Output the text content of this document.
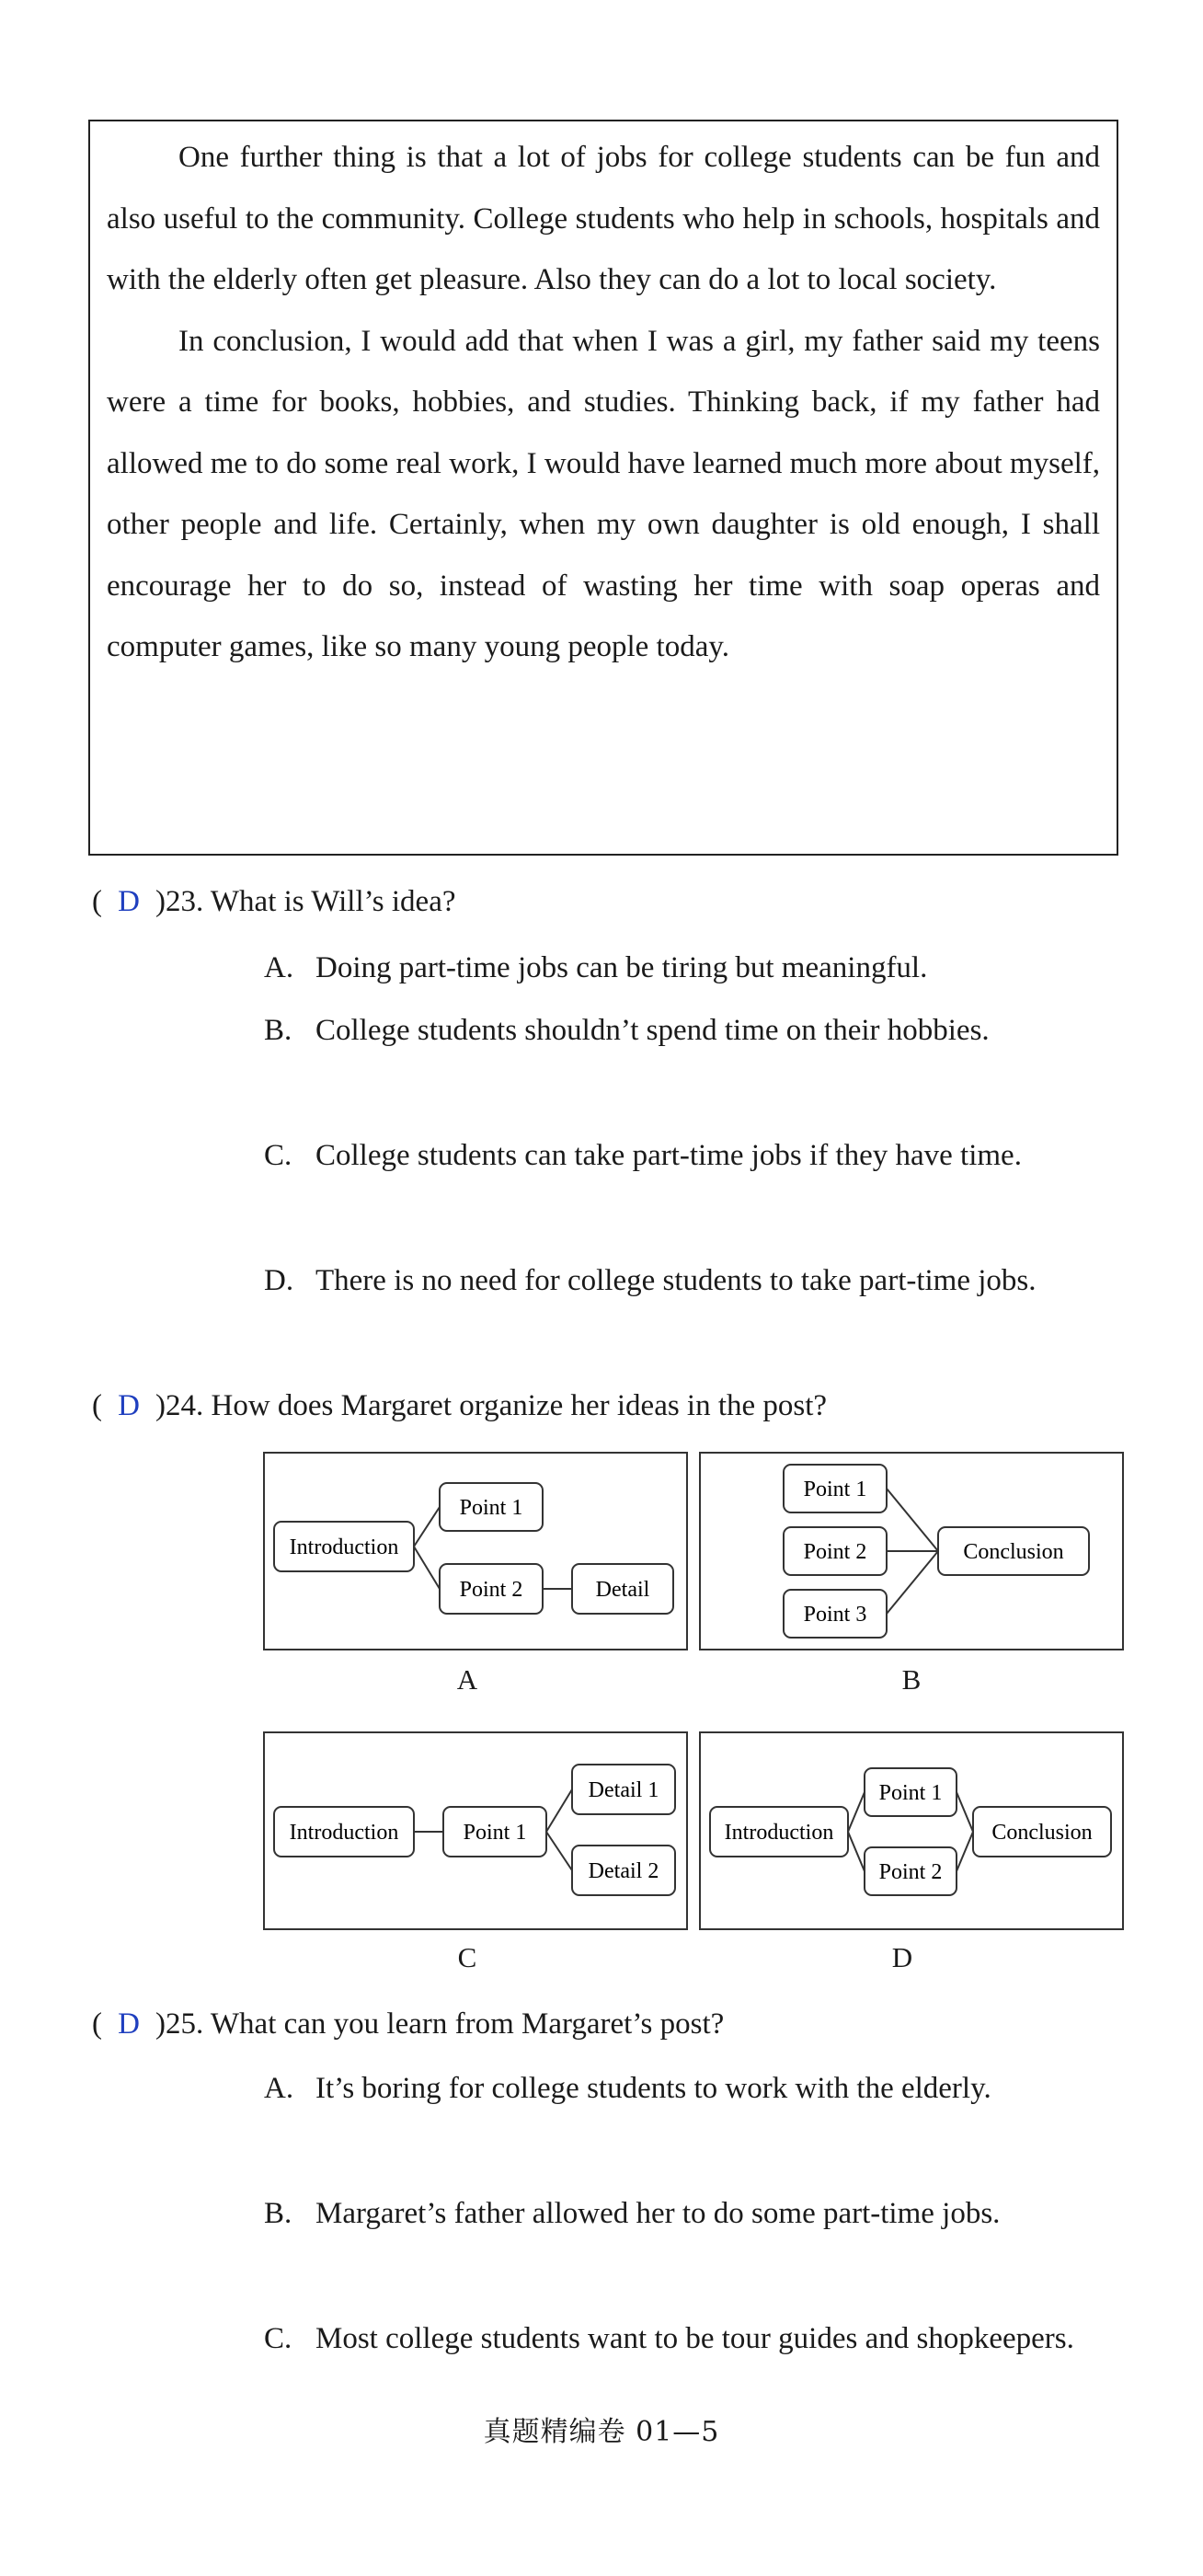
One further thing is that a lot of jobs for college students can be fun and also useful to the community. College students who help in schools, hospitals and with the elderly often get pleasure. Also they can do a lot to local society.

In conclusion, I would add that when I was a girl, my father said my teens were a time for books, hobbies, and studies. Thinking back, if my father had allowed me to do some real work, I would have learned much more about myself, other people and life. Certainly, when my own daughter is old enough, I shall encourage her to do so, instead of wasting her time with soap operas and computer games, like so many young people today.

( D )23. What is Will’s idea?
A. Doing part-time jobs can be tiring but meaningful.
B. College students shouldn’t spend time on their hobbies.
C. College students can take part-time jobs if they have time.
D. There is no need for college students to take part-time jobs.
( D )24. How does Margaret organize her ideas in the post?
Introduction
Point 1
Point 2	Detail
A
Point 1
Point 2
Point 3
Conclusion
B
Introduction	Point 1
Detail 1
Detail 2
C
Introduction
Point 1
Point 2
Conclusion
D
( D )25. What can you learn from Margaret’s post?
A. It’s boring for college students to work with the elderly.
B. Margaret’s father allowed her to do some part-time jobs.
C. Most college students want to be tour guides and shopkeepers.
真题精编卷 01—5
